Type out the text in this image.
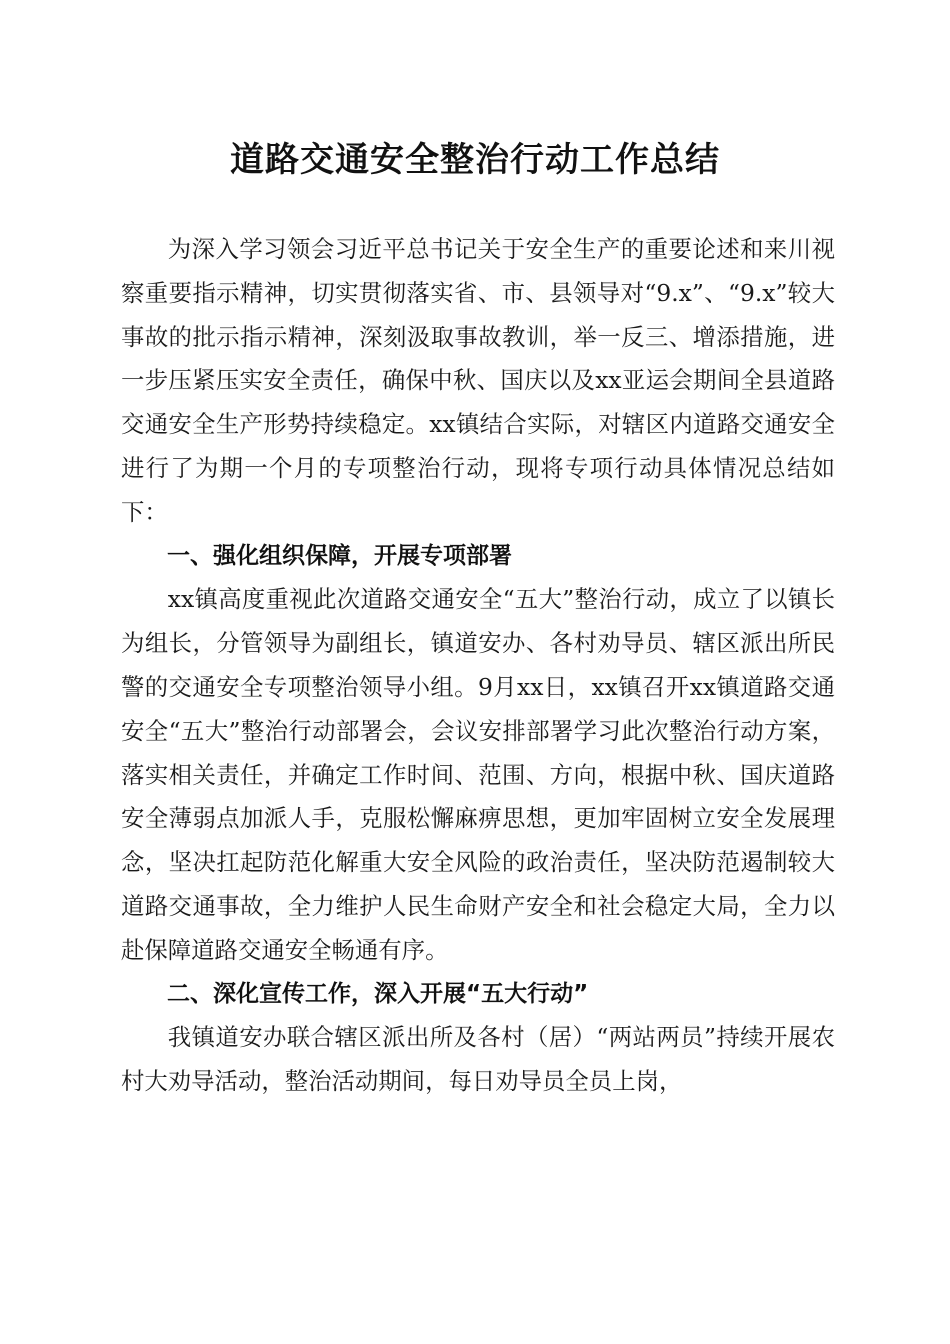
道路交通安全整治行动工作总结

为深入学习领会习近平总书记关于安全生产的重要论述和来川视察重要指示精神，切实贯彻落实省、市、县领导对“9.x”、“9.x”较大事故的批示指示精神，深刻汲取事故教训，举一反三、增添措施，进一步压紧压实安全责任，确保中秋、国庆以及xx亚运会期间全县道路交通安全生产形势持续稳定。xx镇结合实际，对辖区内道路交通安全进行了为期一个月的专项整治行动，现将专项行动具体情况总结如下：

一、强化组织保障，开展专项部署

xx镇高度重视此次道路交通安全“五大”整治行动，成立了以镇长为组长，分管领导为副组长，镇道安办、各村劝导员、辖区派出所民警的交通安全专项整治领导小组。9月xx日，xx镇召开xx镇道路交通安全“五大”整治行动部署会，会议安排部署学习此次整治行动方案，落实相关责任，并确定工作时间、范围、方向，根据中秋、国庆道路安全薄弱点加派人手，克服松懈麻痹思想，更加牢固树立安全发展理念，坚决扛起防范化解重大安全风险的政治责任，坚决防范遏制较大道路交通事故，全力维护人民生命财产安全和社会稳定大局，全力以赴保障道路交通安全畅通有序。

二、深化宣传工作，深入开展“五大行动”

我镇道安办联合辖区派出所及各村（居）“两站两员”持续开展农村大劝导活动，整治活动期间，每日劝导员全员上岗，
